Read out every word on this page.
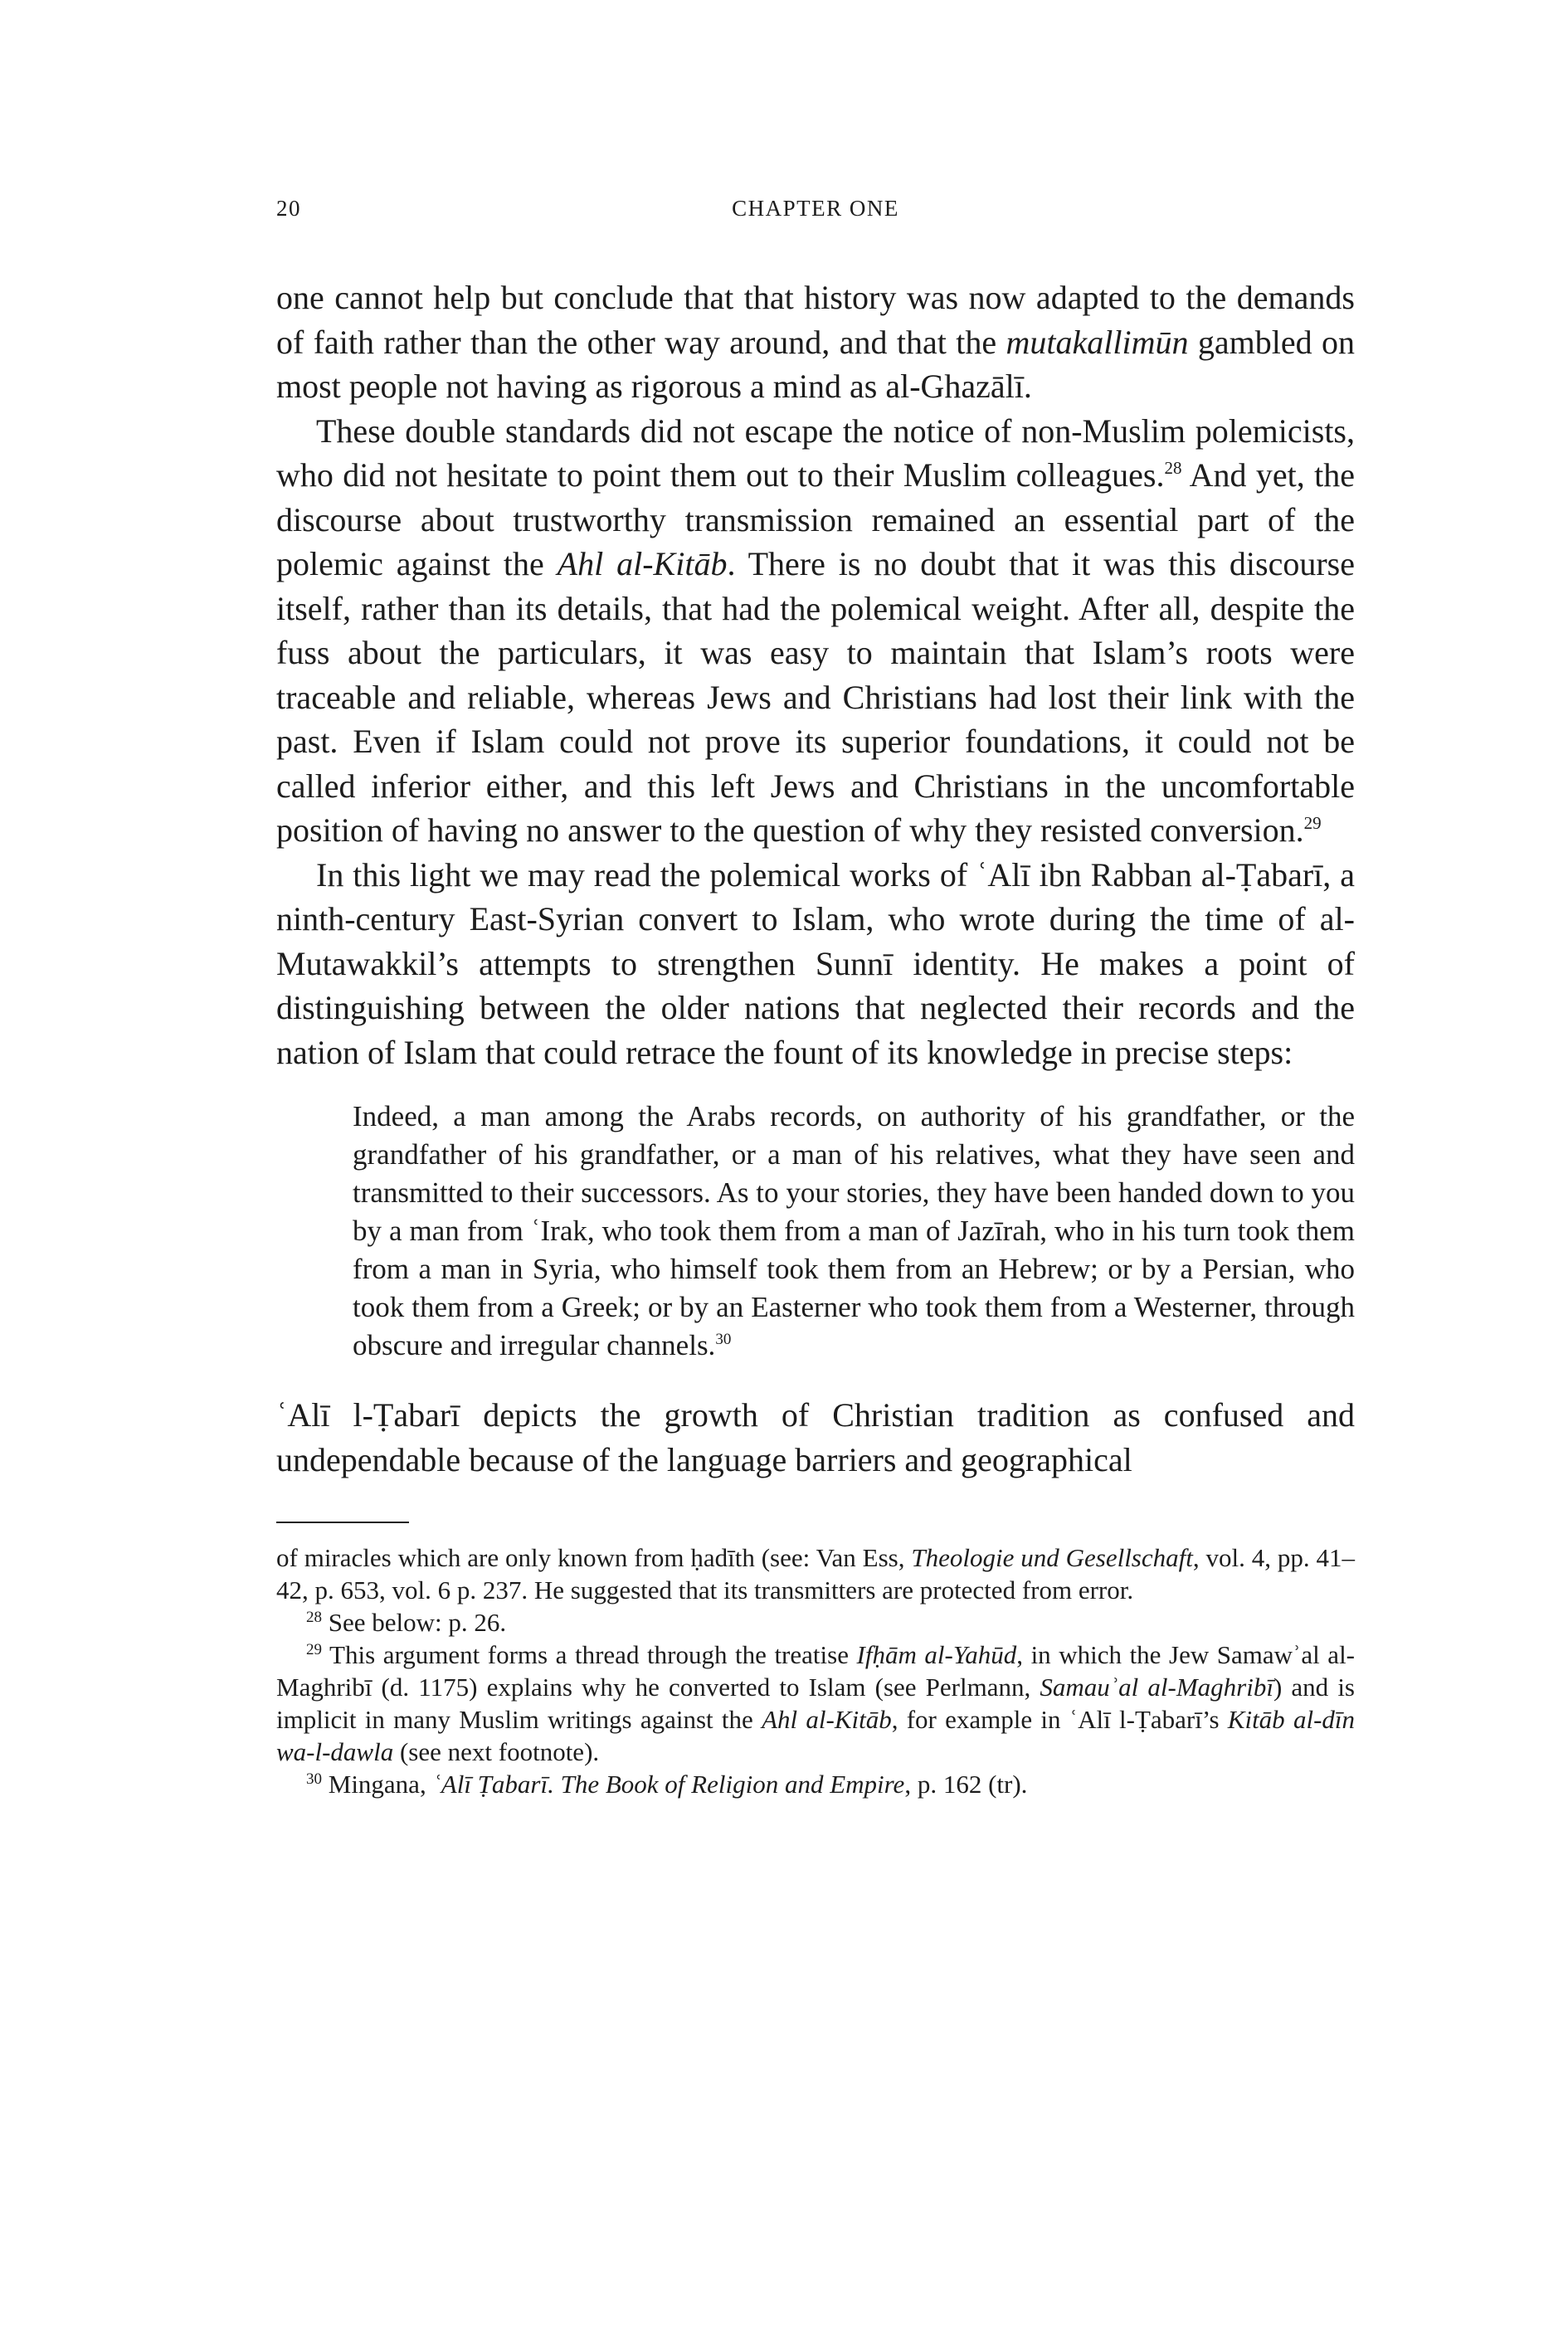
20	CHAPTER ONE

one cannot help but conclude that that history was now adapted to the demands of faith rather than the other way around, and that the mutakallimūn gambled on most people not having as rigorous a mind as al-Ghazālī.

These double standards did not escape the notice of non-Muslim polemicists, who did not hesitate to point them out to their Muslim colleagues.$^{28}$ And yet, the discourse about trustworthy transmission remained an essential part of the polemic against the Ahl al-Kitāb. There is no doubt that it was this discourse itself, rather than its details, that had the polemical weight. After all, despite the fuss about the particulars, it was easy to maintain that Islam’s roots were traceable and reliable, whereas Jews and Christians had lost their link with the past. Even if Islam could not prove its superior foundations, it could not be called inferior either, and this left Jews and Christians in the uncomfortable position of having no answer to the question of why they resisted conversion.$^{29}$

In this light we may read the polemical works of ʿAlī ibn Rabban al-Ṭabarī, a ninth-century East-Syrian convert to Islam, who wrote during the time of al-Mutawakkil’s attempts to strengthen Sunnī identity. He makes a point of distinguishing between the older nations that neglected their records and the nation of Islam that could retrace the fount of its knowledge in precise steps:

Indeed, a man among the Arabs records, on authority of his grandfather, or the grandfather of his grandfather, or a man of his relatives, what they have seen and transmitted to their successors. As to your stories, they have been handed down to you by a man from ʿIrak, who took them from a man of Jazīrah, who in his turn took them from a man in Syria, who himself took them from an Hebrew; or by a Persian, who took them from a Greek; or by an Easterner who took them from a Westerner, through obscure and irregular channels.$^{30}$

ʿAlī l-Ṭabarī depicts the growth of Christian tradition as confused and undependable because of the language barriers and geographical

of miracles which are only known from ḥadīth (see: Van Ess, Theologie und Gesellschaft, vol. 4, pp. 41–42, p. 653, vol. 6 p. 237. He suggested that its transmitters are protected from error.

$^{28}$ See below: p. 26.

$^{29}$ This argument forms a thread through the treatise Ifḥām al-Yahūd, in which the Jew Samawʾal al-Maghribī (d. 1175) explains why he converted to Islam (see Perlmann, Samauʾal al-Maghribī) and is implicit in many Muslim writings against the Ahl al-Kitāb, for example in ʿAlī l-Ṭabarī’s Kitāb al-dīn wa-l-dawla (see next footnote).

$^{30}$ Mingana, ʿAlī Ṭabarī. The Book of Religion and Empire, p. 162 (tr).
